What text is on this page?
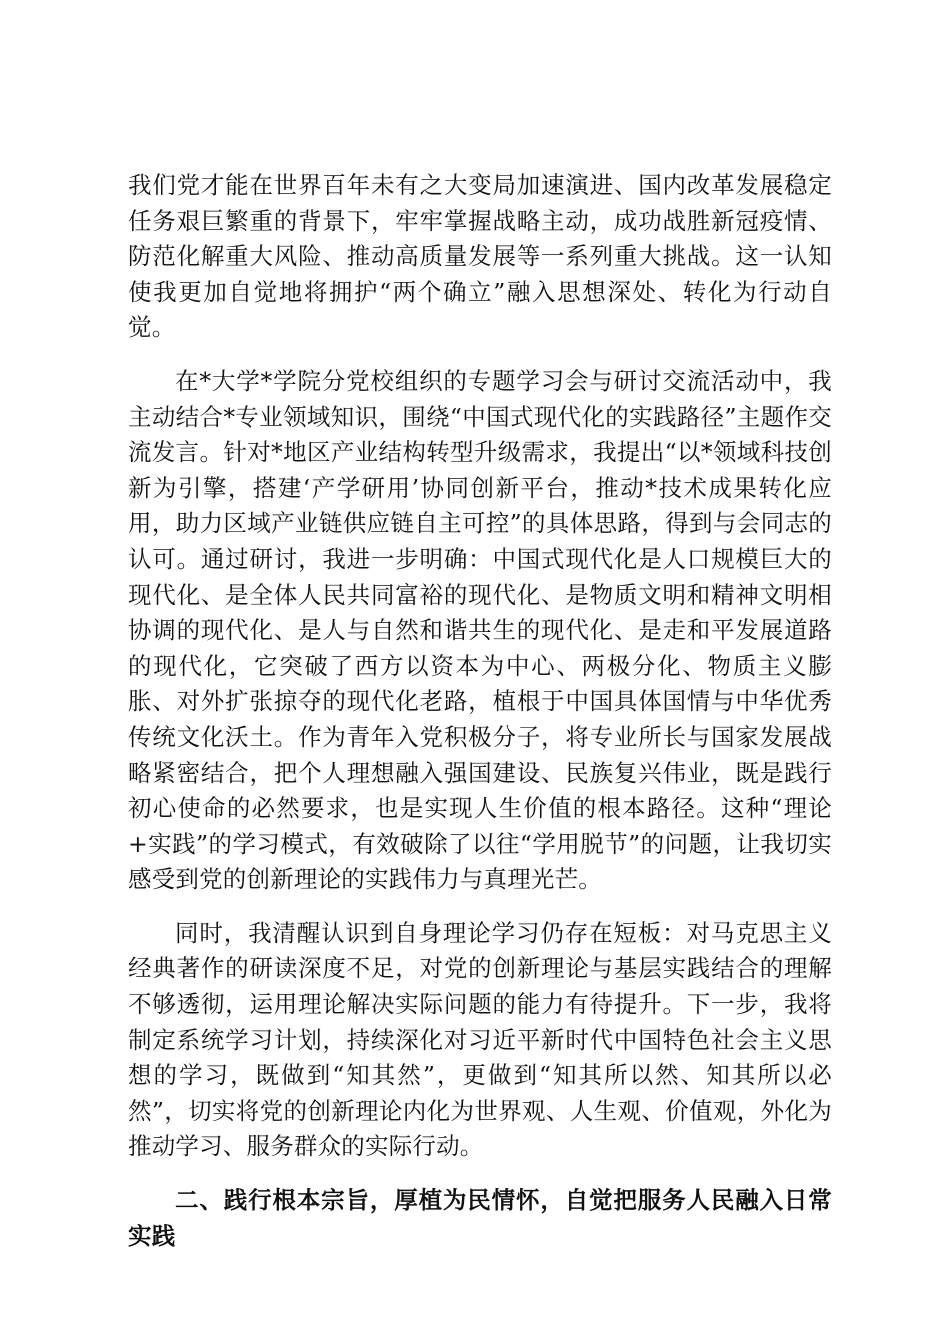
我们党才能在世界百年未有之大变局加速演进、国内改革发展稳定任务艰巨繁重的背景下，牢牢掌握战略主动，成功战胜新冠疫情、防范化解重大风险、推动高质量发展等一系列重大挑战。这一认知使我更加自觉地将拥护“两个确立”融入思想深处、转化为行动自觉。

在*大学*学院分党校组织的专题学习会与研讨交流活动中，我主动结合*专业领域知识，围绕“中国式现代化的实践路径”主题作交流发言。针对*地区产业结构转型升级需求，我提出“以*领域科技创新为引擎，搭建‘产学研用’协同创新平台，推动*技术成果转化应用，助力区域产业链供应链自主可控”的具体思路，得到与会同志的认可。通过研讨，我进一步明确：中国式现代化是人口规模巨大的现代化、是全体人民共同富裕的现代化、是物质文明和精神文明相协调的现代化、是人与自然和谐共生的现代化、是走和平发展道路的现代化，它突破了西方以资本为中心、两极分化、物质主义膨胀、对外扩张掠夺的现代化老路，植根于中国具体国情与中华优秀传统文化沃土。作为青年入党积极分子，将专业所长与国家发展战略紧密结合，把个人理想融入强国建设、民族复兴伟业，既是践行初心使命的必然要求，也是实现人生价值的根本路径。这种“理论+实践”的学习模式，有效破除了以往“学用脱节”的问题，让我切实感受到党的创新理论的实践伟力与真理光芒。

同时，我清醒认识到自身理论学习仍存在短板：对马克思主义经典著作的研读深度不足，对党的创新理论与基层实践结合的理解不够透彻，运用理论解决实际问题的能力有待提升。下一步，我将制定系统学习计划，持续深化对习近平新时代中国特色社会主义思想的学习，既做到“知其然”，更做到“知其所以然、知其所以必然”，切实将党的创新理论内化为世界观、人生观、价值观，外化为推动学习、服务群众的实际行动。

二、践行根本宗旨，厚植为民情怀，自觉把服务人民融入日常实践
